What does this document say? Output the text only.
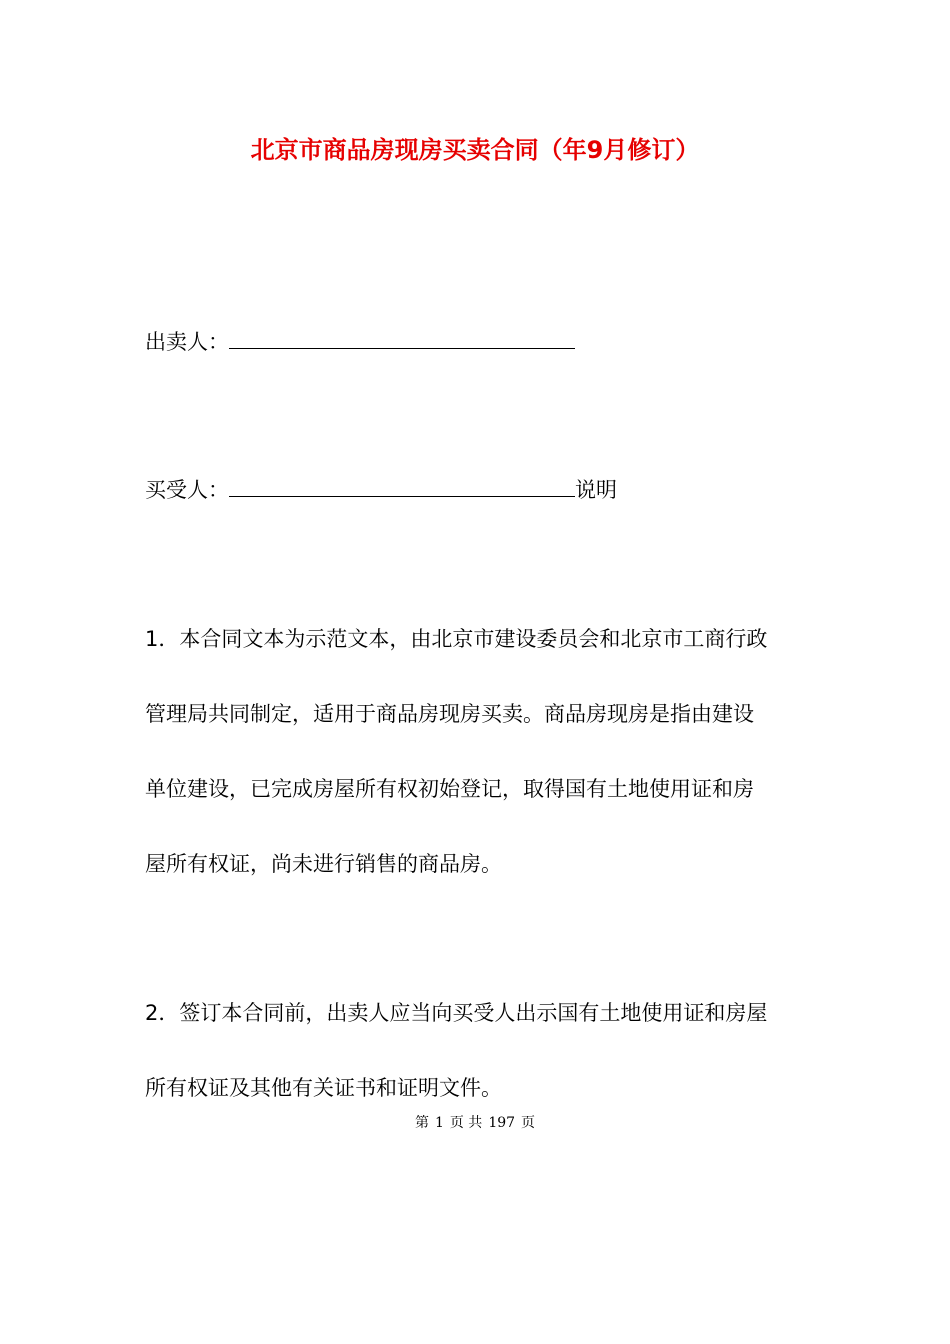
北京市商品房现房买卖合同（年9月修订）
出卖人：
买受人：	说明
1．本合同文本为示范文本，由北京市建设委员会和北京市工商行政
管理局共同制定，适用于商品房现房买卖。商品房现房是指由建设
单位建设，已完成房屋所有权初始登记，取得国有土地使用证和房
屋所有权证，尚未进行销售的商品房。
2．签订本合同前，出卖人应当向买受人出示国有土地使用证和房屋
所有权证及其他有关证书和证明文件。
第 1 页 共 197 页
